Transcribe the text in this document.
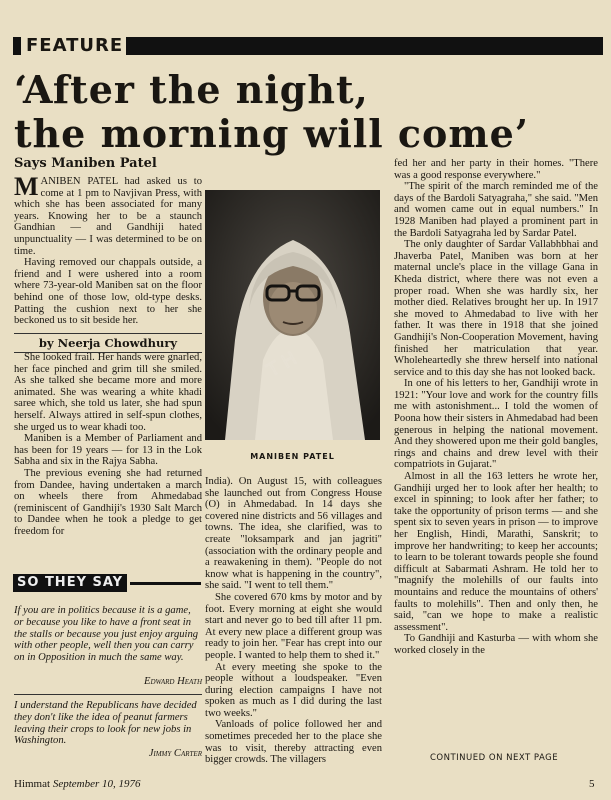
FEATURE
‘After the night,
the morning will come’
Says Maniben Patel

MANIBEN PATEL had asked us to come at 1 pm to Navjivan Press, with which she has been associated for many years. Knowing her to be a staunch Gandhian — and Gandhiji hated unpunctuality — I was determined to be on time.

Having removed our chappals outside, a friend and I were ushered into a room where 73-year-old Maniben sat on the floor behind one of those low, old-type desks. Patting the cushion next to her she beckoned us to sit beside her.

by Neerja Chowdhury

She looked frail. Her hands were gnarled, her face pinched and grim till she smiled. As she talked she became more and more animated. She was wearing a white khadi saree which, she told us later, she had spun herself. Always attired in self-spun clothes, she urged us to wear khadi too.

Maniben is a Member of Parliament and has been for 19 years — for 13 in the Lok Sabha and six in the Rajya Sabha.

The previous evening she had returned from Dandee, having undertaken a march on wheels there from Ahmedabad (reminiscent of Gandhiji's 1930 Salt March to Dandee when he took a pledge to get freedom for

T H
MANIBEN PATEL

India). On August 15, with colleagues she launched out from Congress House (O) in Ahmedabad. In 14 days she covered nine districts and 56 villages and towns. The idea, she clarified, was to create "loksampark and jan jagriti" (association with the ordinary people and a reawakening in them). "People do not know what is happening in the country", she said. "I went to tell them."

She covered 670 kms by motor and by foot. Every morning at eight she would start and never go to bed till after 11 pm. At every new place a different group was ready to join her. "Fear has crept into our people. I wanted to help them to shed it."

At every meeting she spoke to the people without a loudspeaker. "Even during election campaigns I have not spoken as much as I did during the last two weeks."

Vanloads of police followed her and sometimes preceded her to the place she was to visit, thereby attracting even bigger crowds. The villagers

fed her and her party in their homes. "There was a good response everywhere."

"The spirit of the march reminded me of the days of the Bardoli Satyagraha," she said. "Men and women came out in equal numbers." In 1928 Maniben had played a prominent part in the Bardoli Satyagraha led by Sardar Patel.

The only daughter of Sardar Vallabhbhai and Jhaverba Patel, Maniben was born at her maternal uncle's place in the village Gana in Kheda district, where there was not even a proper road. When she was hardly six, her mother died. Relatives brought her up. In 1917 she moved to Ahmedabad to live with her father. It was there in 1918 that she joined Gandhiji's Non-Cooperation Movement, having finished her matriculation that year. Wholeheartedly she threw herself into national service and to this day she has not looked back.

In one of his letters to her, Gandhiji wrote in 1921: "Your love and work for the country fills me with astonishment... I told the women of Poona how their sisters in Ahmedabad had been generous in helping the national movement. And they showered upon me their gold bangles, rings and chains and drew level with their compatriots in Gujarat."

Almost in all the 163 letters he wrote her, Gandhiji urged her to look after her health; to excel in spinning; to look after her father; to take the opportunity of prison terms — and she spent six to seven years in prison — to improve her English, Hindi, Marathi, Sanskrit; to improve her handwriting; to keep her accounts; to learn to be tolerant towards people she found difficult at Sabarmati Ashram. He told her to "magnify the molehills of our faults into mountains and reduce the mountains of others' faults to molehills". Then and only then, he said, "can we hope to make a realistic assessment".

To Gandhiji and Kasturba — with whom she worked closely in the

CONTINUED ON NEXT PAGE
SO THEY SAY
If you are in politics because it is a game, or because you like to have a front seat in the stalls or because you just enjoy arguing with other people, well then you can carry on in Opposition in much the same way.
Edward Heath
I understand the Republicans have decided they don't like the idea of peanut farmers leaving their crops to look for new jobs in Washington.
Jimmy Carter
Himmat September 10, 1976	5
